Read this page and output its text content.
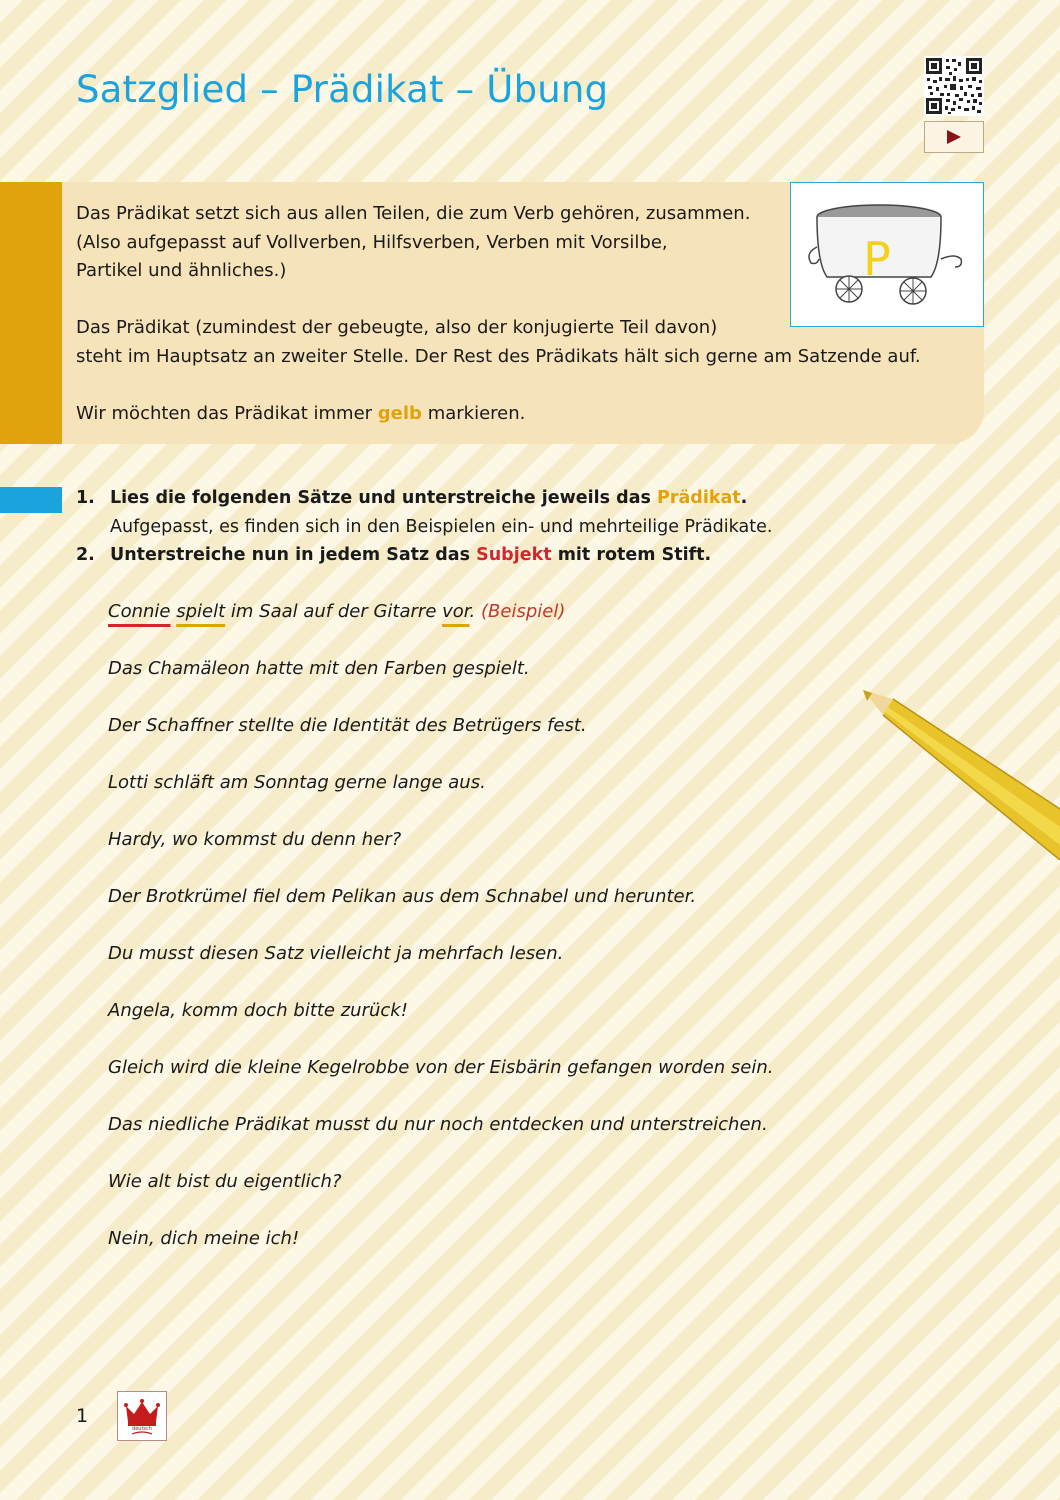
Satzglied – Prädikat – Übung

Das Prädikat setzt sich aus allen Teilen, die zum Verb gehören, zusammen.

(Also aufgepasst auf Vollverben, Hilfsverben, Verben mit Vorsilbe,

Partikel und ähnliches.)

Das Prädikat (zumindest der gebeugte, also der konjugierte Teil davon)

steht im Hauptsatz an zweiter Stelle. Der Rest des Prädikats hält sich gerne am Satzende auf.

Wir möchten das Prädikat immer gelb markieren.

P
1. Lies die folgenden Sätze und unterstreiche jeweils das Prädikat.
Aufgepasst, es finden sich in den Beispielen ein- und mehrteilige Prädikate.
2. Unterstreiche nun in jedem Satz das Subjekt mit rotem Stift.
Connie spielt im Saal auf der Gitarre vor. (Beispiel)
Das Chamäleon hatte mit den Farben gespielt.
Der Schaffner stellte die Identität des Betrügers fest.
Lotti schläft am Sonntag gerne lange aus.
Hardy, wo kommst du denn her?
Der Brotkrümel fiel dem Pelikan aus dem Schnabel und herunter.
Du musst diesen Satz vielleicht ja mehrfach lesen.
Angela, komm doch bitte zurück!
Gleich wird die kleine Kegelrobbe von der Eisbärin gefangen worden sein.
Das niedliche Prädikat musst du nur noch entdecken und unterstreichen.
Wie alt bist du eigentlich?
Nein, dich meine ich!
1
deutsch
